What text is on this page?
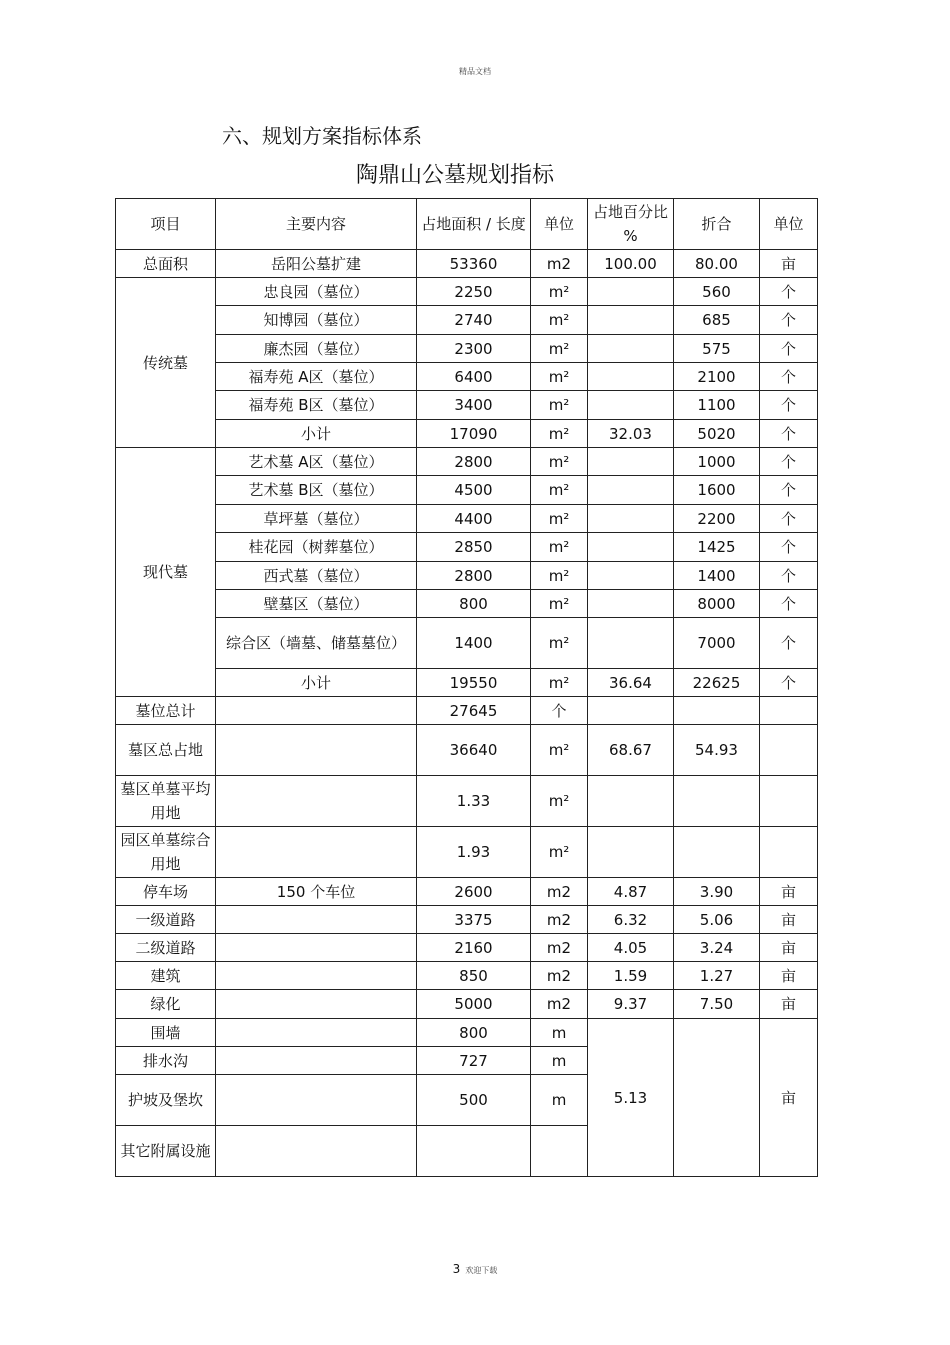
精品文档
六、规划方案指标体系
陶鼎山公墓规划指标
项目	主要内容	占地面积 / 长度	单位	占地百分比 %	折合	单位
总面积	岳阳公墓扩建	53360	m2	100.00	80.00	亩
传统墓	忠良园（墓位）	2250	m²		560	个
	知博园（墓位）	2740	m²		685	个
	廉杰园（墓位）	2300	m²		575	个
	福寿苑 A区（墓位）	6400	m²		2100	个
	福寿苑 B区（墓位）	3400	m²		1100	个
	小计	17090	m²	32.03	5020	个
现代墓	艺术墓 A区（墓位）	2800	m²		1000	个
	艺术墓 B区（墓位）	4500	m²		1600	个
	草坪墓（墓位）	4400	m²		2200	个
	桂花园（树葬墓位）	2850	m²		1425	个
	西式墓（墓位）	2800	m²		1400	个
	壁墓区（墓位）	800	m²		8000	个
	综合区（墙墓、储墓墓位）	1400	m²		7000	个
	小计	19550	m²	36.64	22625	个
墓位总计		27645	个			
墓区总占地		36640	m²	68.67	54.93	
墓区单墓平均用地		1.33	m²			
园区单墓综合用地		1.93	m²			
停车场	150 个车位	2600	m2	4.87	3.90	亩
一级道路		3375	m2	6.32	5.06	亩
二级道路		2160	m2	4.05	3.24	亩
建筑		850	m2	1.59	1.27	亩
绿化		5000	m2	9.37	7.50	亩
围墙		800	m	5.13		亩
排水沟		727	m			
护坡及堡坎		500	m			
其它附属设施						
3 欢迎下载
